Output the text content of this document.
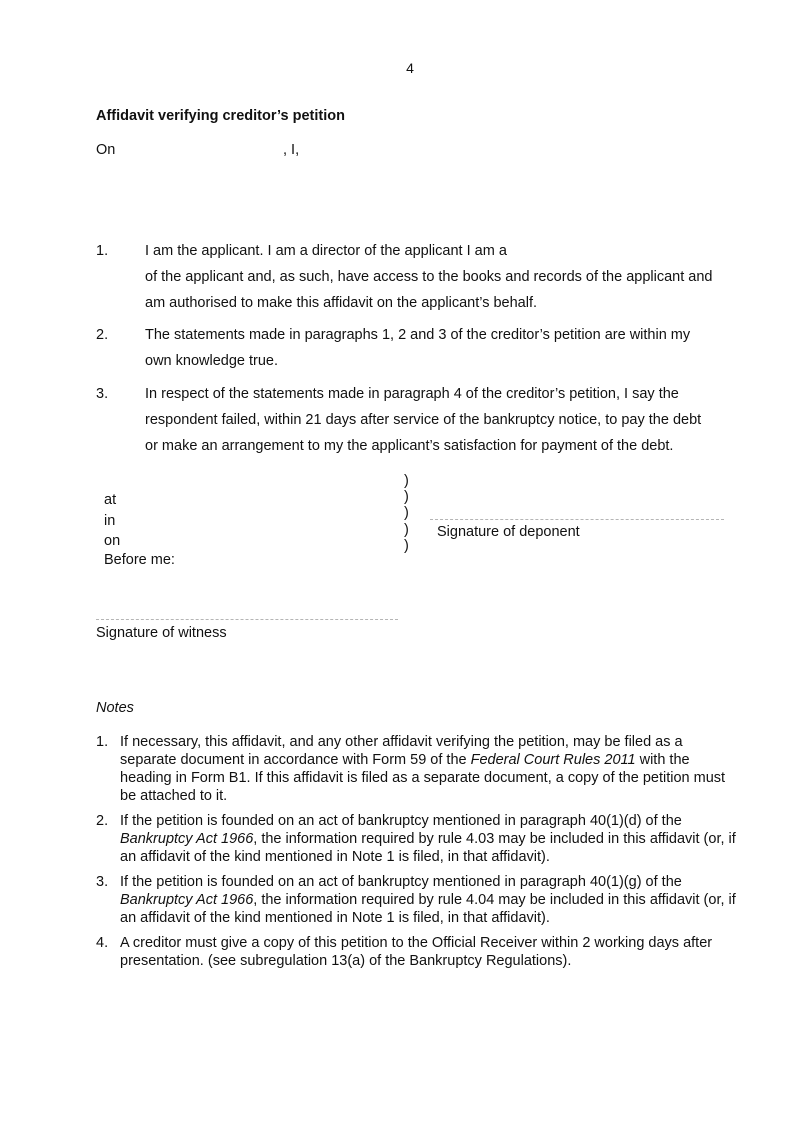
4
Affidavit verifying creditor’s petition
On	, I,
1.	I am the applicant. I am a director of the applicant I am a
of the applicant and, as such, have access to the books and records of the applicant and
am authorised to make this affidavit on the applicant’s behalf.
2.	The statements made in paragraphs 1, 2 and 3 of the creditor’s petition are within my
own knowledge true.
3.	In respect of the statements made in paragraph 4 of the creditor’s petition, I say the
respondent failed, within 21 days after service of the bankruptcy notice, to pay the debt
or make an arrangement to my the applicant’s satisfaction for payment of the debt.
at
in
on
Before me:
)
)
)
)
)
Signature of deponent
Signature of witness
Notes
1. If necessary, this affidavit, and any other affidavit verifying the petition, may be filed as a separate document in accordance with Form 59 of the Federal Court Rules 2011 with the heading in Form B1. If this affidavit is filed as a separate document, a copy of the petition must be attached to it.
2. If the petition is founded on an act of bankruptcy mentioned in paragraph 40(1)(d) of the Bankruptcy Act 1966, the information required by rule 4.03 may be included in this affidavit (or, if an affidavit of the kind mentioned in Note 1 is filed, in that affidavit).
3. If the petition is founded on an act of bankruptcy mentioned in paragraph 40(1)(g) of the Bankruptcy Act 1966, the information required by rule 4.04 may be included in this affidavit (or, if an affidavit of the kind mentioned in Note 1 is filed, in that affidavit).
4. A creditor must give a copy of this petition to the Official Receiver within 2 working days after presentation. (see subregulation 13(a) of the Bankruptcy Regulations).
